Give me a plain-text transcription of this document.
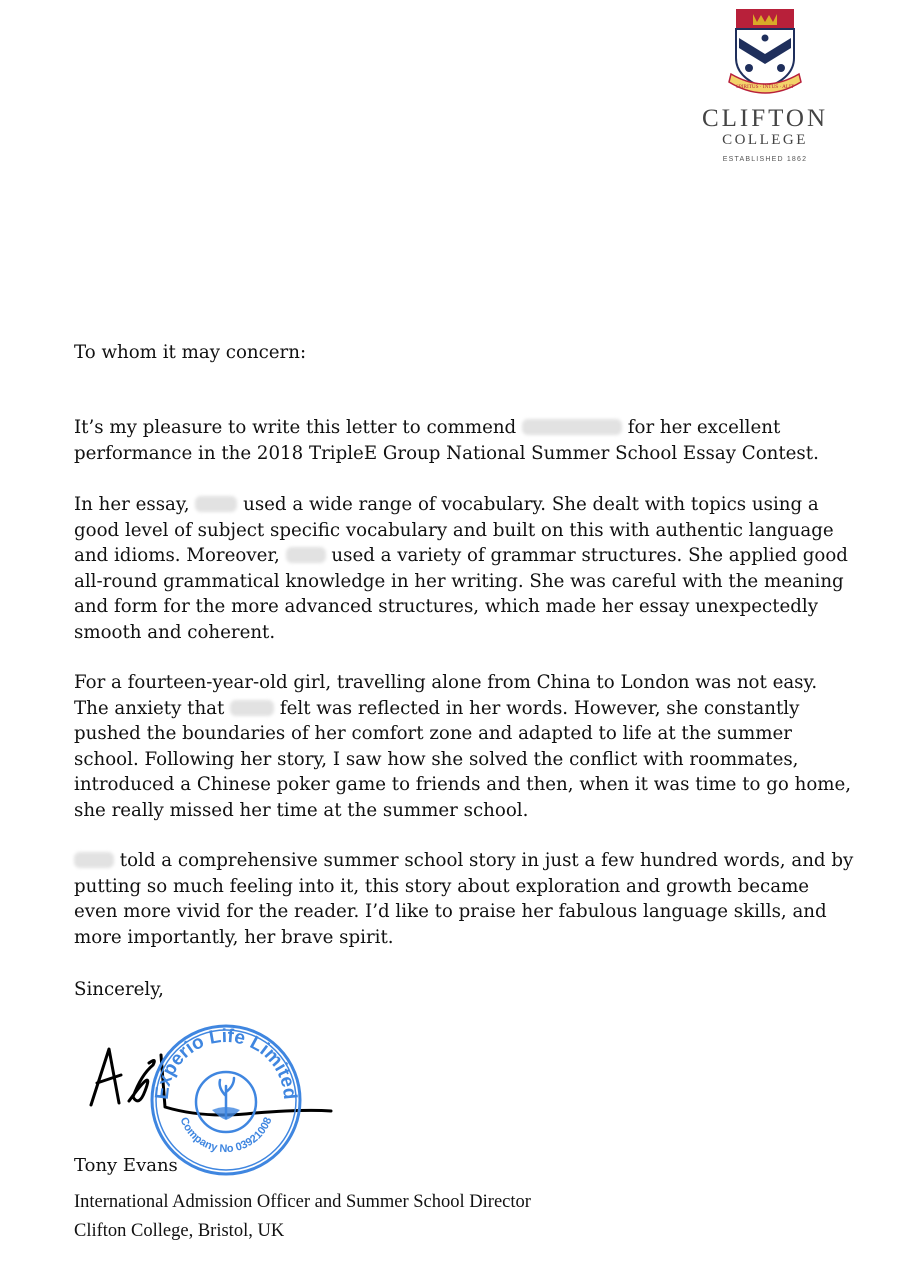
SPIRITUS · INTUS · ALIT
CLIFTON
COLLEGE
ESTABLISHED 1862
To whom it may concern:

It’s my pleasure to write this letter to commend	for her excellent performance in the 2018 TripleE Group National Summer School Essay Contest.

In her essay,  used a wide range of vocabulary. She dealt with topics using a good level of subject specific vocabulary and built on this with authentic language and idioms. Moreover,  used a variety of grammar structures. She applied good all-round grammatical knowledge in her writing. She was careful with the meaning and form for the more advanced structures, which made her essay unexpectedly smooth and coherent.

For a fourteen-year-old girl, travelling alone from China to London was not easy. The anxiety that  felt was reflected in her words. However, she constantly pushed the boundaries of her comfort zone and adapted to life at the summer school. Following her story, I saw how she solved the conflict with roommates, introduced a Chinese poker game to friends and then, when it was time to go home, she really missed her time at the summer school.

told a comprehensive summer school story in just a few hundred words, and by putting so much feeling into it, this story about exploration and growth became even more vivid for the reader. I’d like to praise her fabulous language skills, and more importantly, her brave spirit.

Sincerely,
Experio Life Limited
Company No 03921008
Tony Evans
International Admission Officer and Summer School Director
Clifton College, Bristol, UK
